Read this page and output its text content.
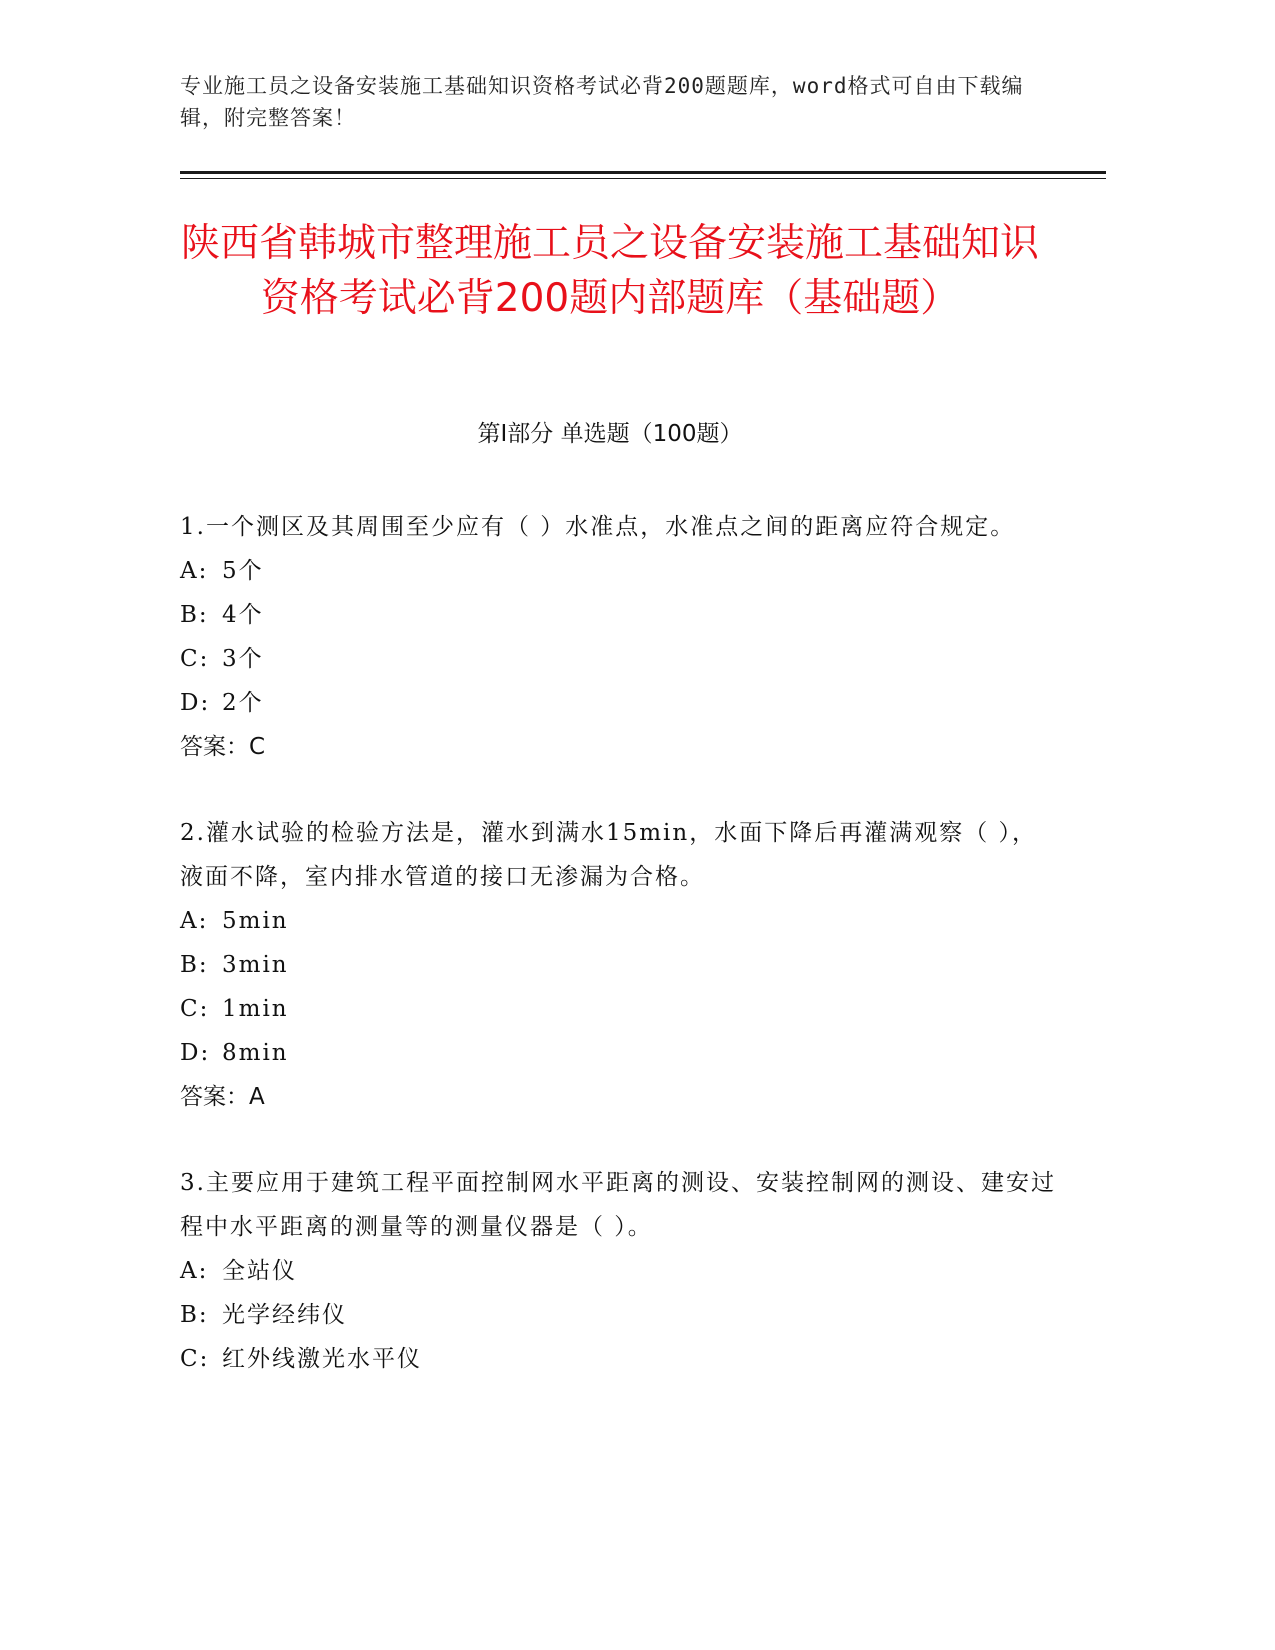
专业施工员之设备安装施工基础知识资格考试必背200题题库，word格式可自由下载编辑，附完整答案！

陕西省韩城市整理施工员之设备安装施工基础知识资格考试必背200题内部题库（基础题）
第Ⅰ部分 单选题（100题）

1.一个测区及其周围至少应有（ ）水准点，水准点之间的距离应符合规定。

A: 5个
B: 4个
C: 3个
D: 2个

答案：C

2.灌水试验的检验方法是，灌水到满水15min，水面下降后再灌满观察（ ），液面不降，室内排水管道的接口无渗漏为合格。

A: 5min
B: 3min
C: 1min
D: 8min

答案：A

3.主要应用于建筑工程平面控制网水平距离的测设、安装控制网的测设、建安过程中水平距离的测量等的测量仪器是（ ）。

A: 全站仪
B: 光学经纬仪
C: 红外线激光水平仪
